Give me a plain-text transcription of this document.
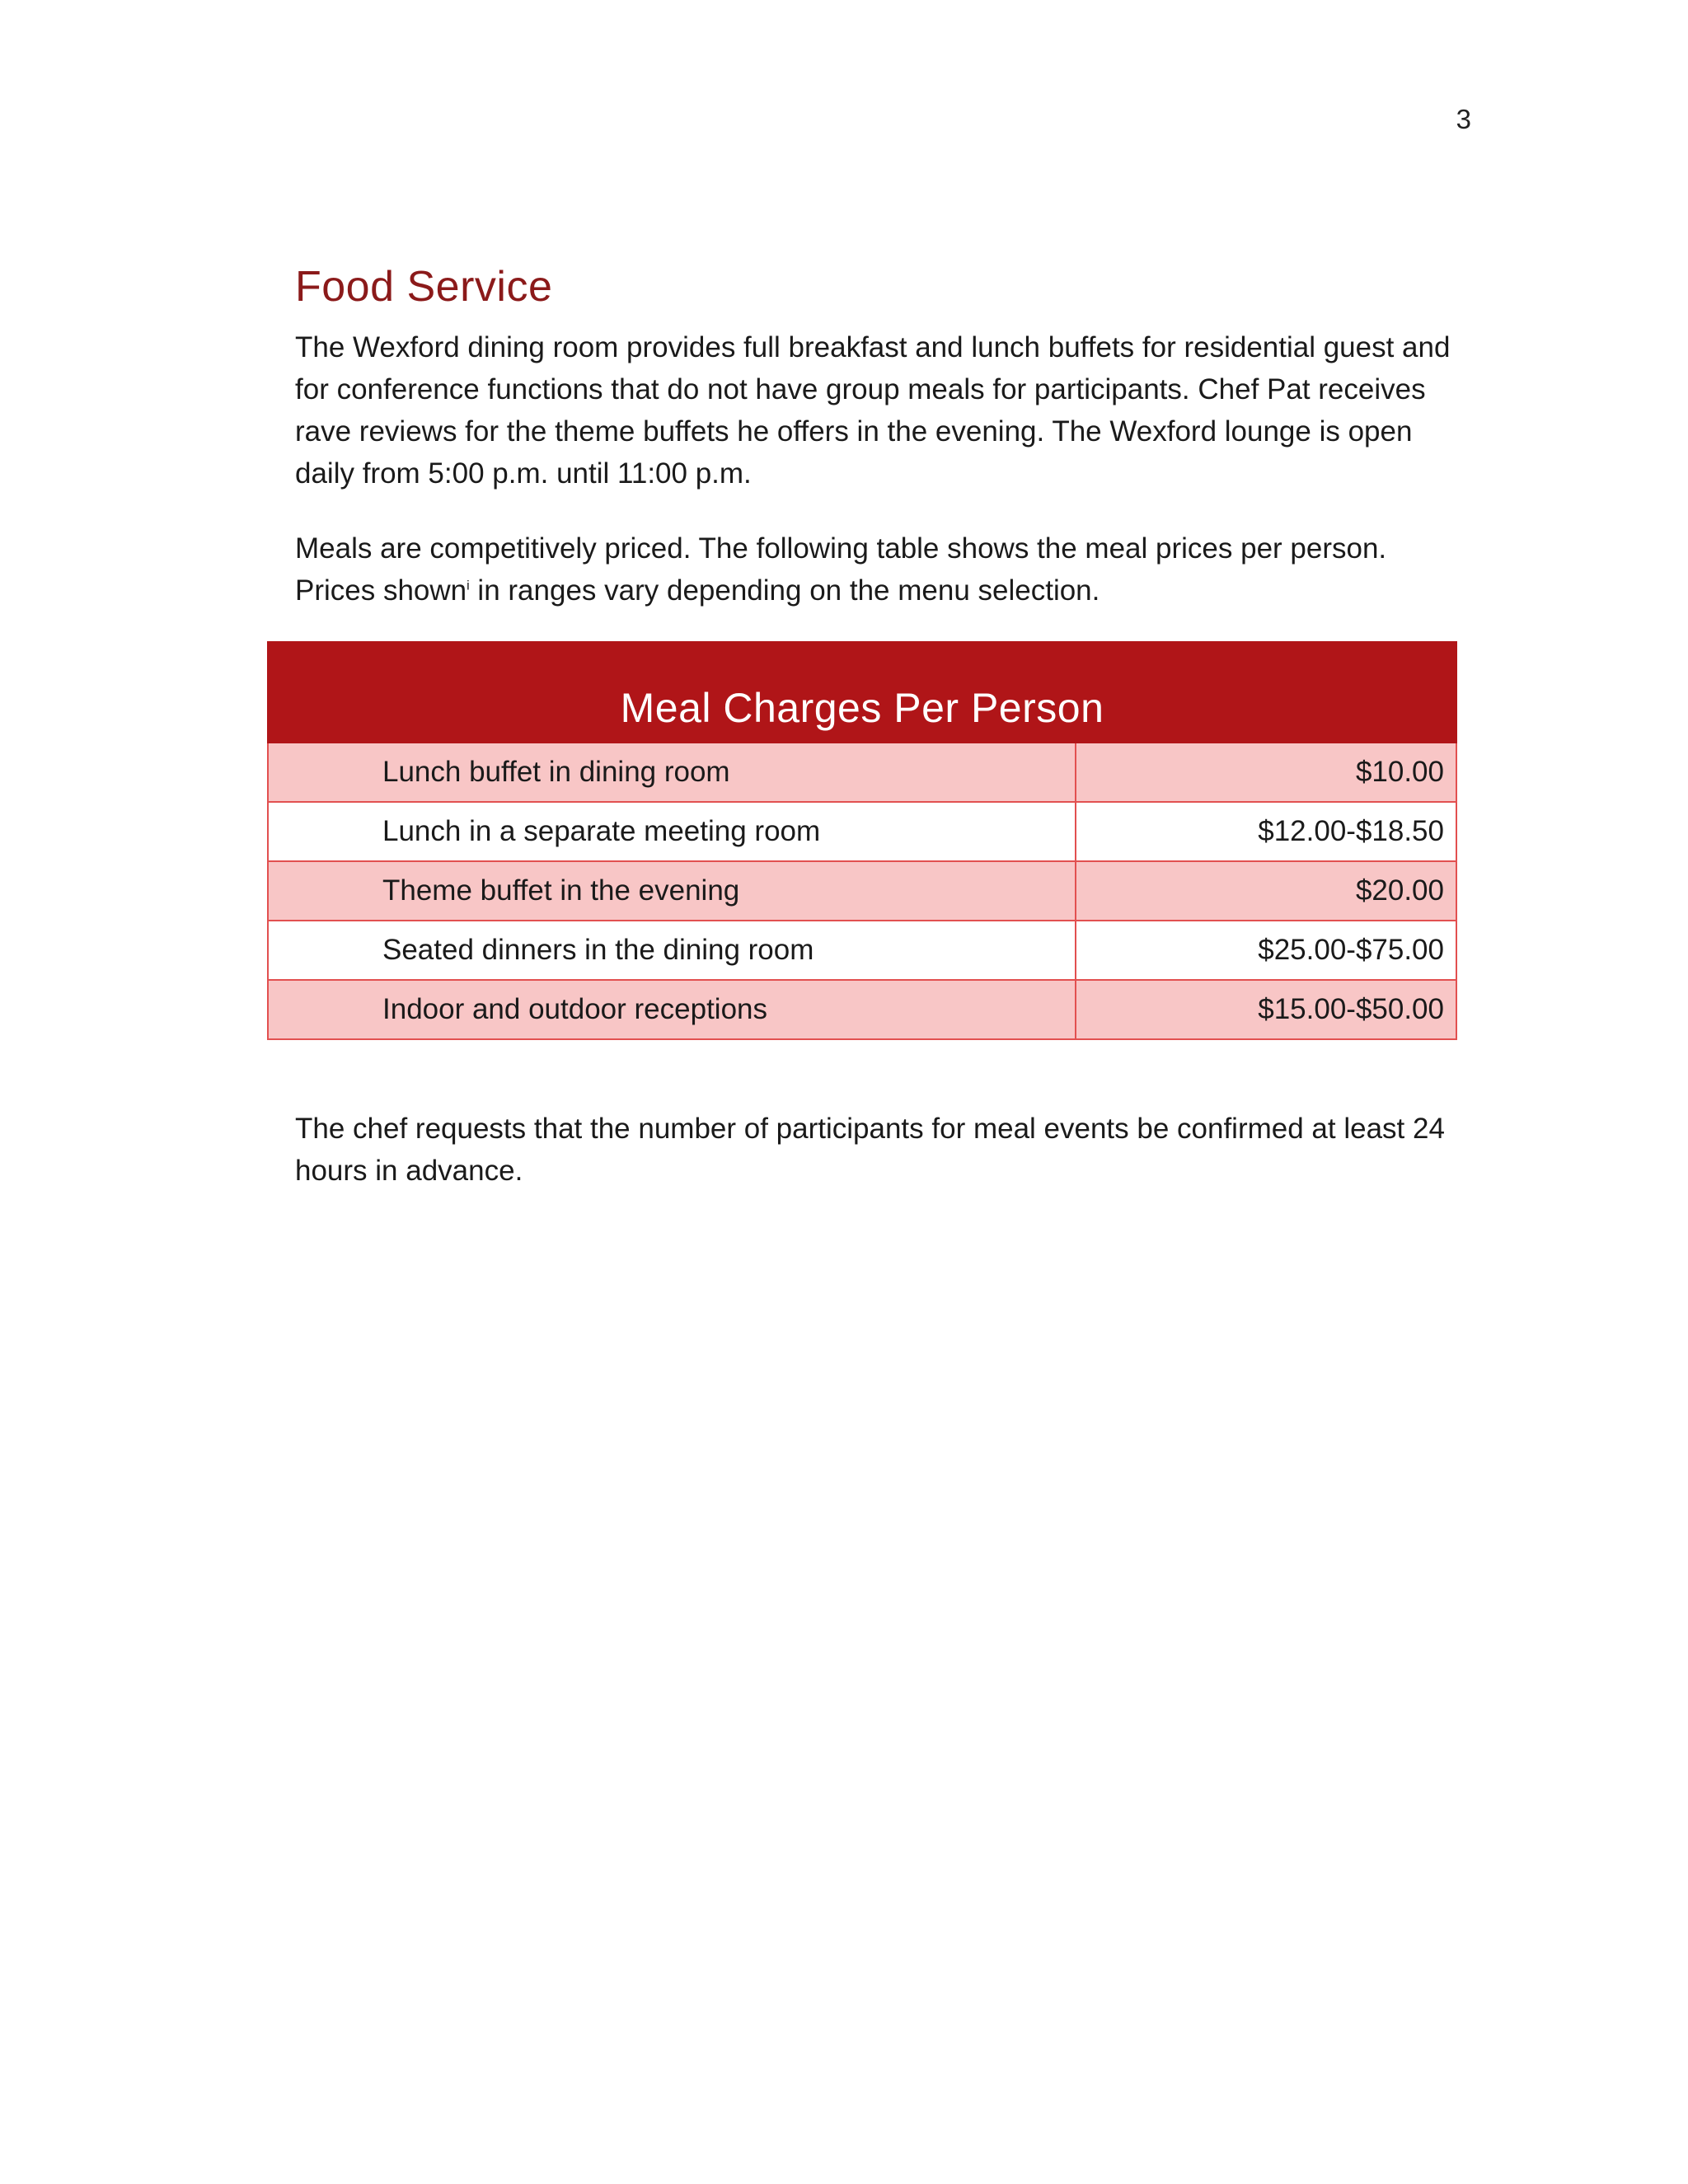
3
Food Service

The Wexford dining room provides full breakfast and lunch buffets for residential guest and for conference functions that do not have group meals for participants. Chef Pat receives rave reviews for the theme buffets he offers in the evening. The Wexford lounge is open daily from 5:00 p.m. until 11:00 p.m.

Meals are competitively priced. The following table shows the meal prices per person. Prices shown$^i$ in ranges vary depending on the menu selection.

Meal Charges Per Person	
Lunch buffet in dining room	$10.00
Lunch in a separate meeting room	$12.00-$18.50
Theme buffet in the evening	$20.00
Seated dinners in the dining room	$25.00-$75.00
Indoor and outdoor receptions	$15.00-$50.00

The chef requests that the number of participants for meal events be confirmed at least 24 hours in advance.
